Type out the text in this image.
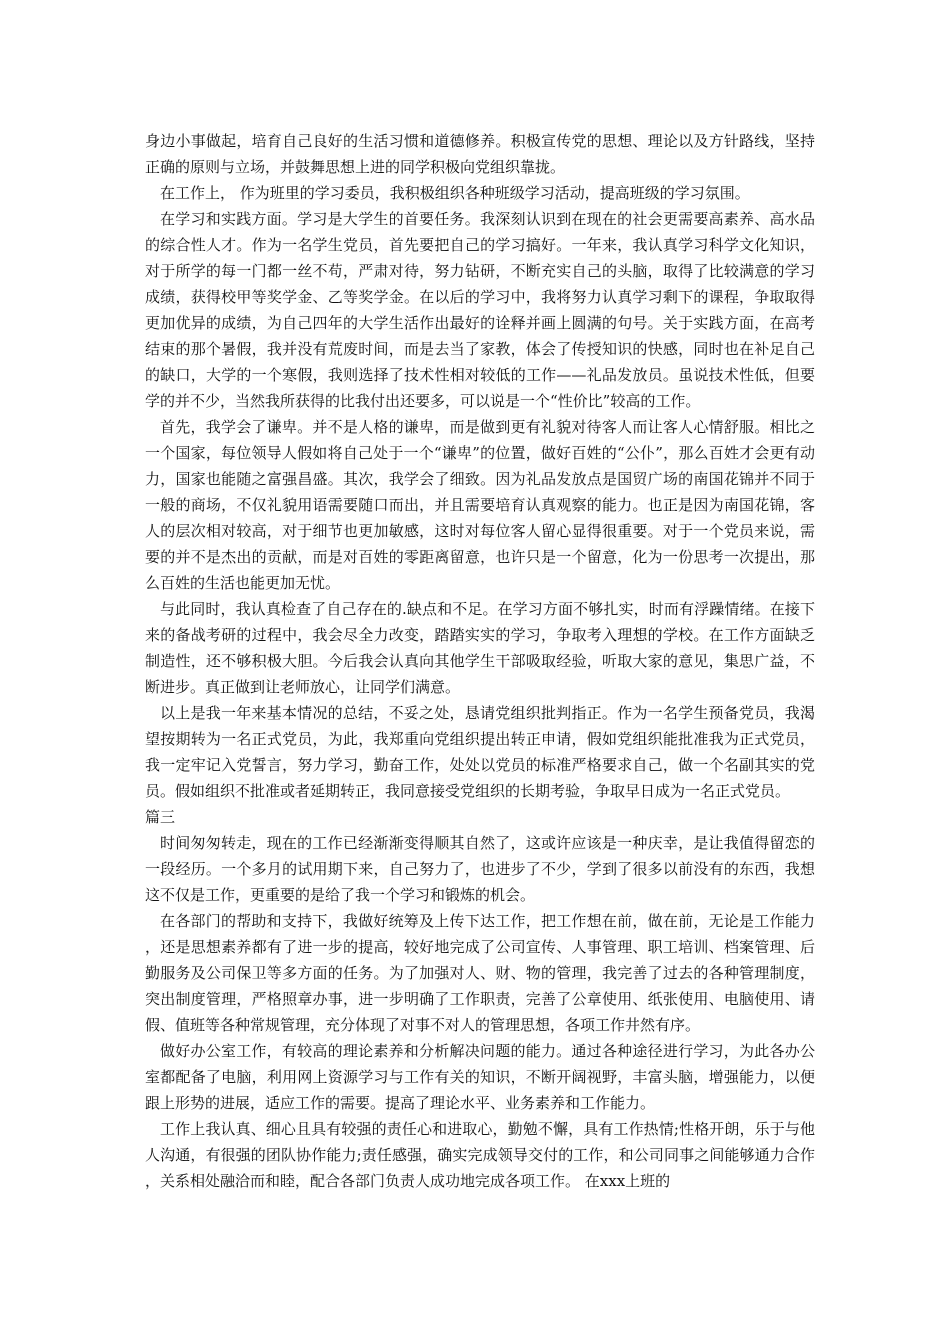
身边小事做起，培育自己良好的生活习惯和道德修养。积极宣传党的思想、理论以及方针路线，坚持正确的原则与立场，并鼓舞思想上进的同学积极向党组织靠拢。

在工作上， 作为班里的学习委员，我积极组织各种班级学习活动，提高班级的学习氛围。

在学习和实践方面。学习是大学生的首要任务。我深刻认识到在现在的社会更需要高素养、高水品的综合性人才。作为一名学生党员，首先要把自己的学习搞好。一年来，我认真学习科学文化知识，对于所学的每一门都一丝不苟，严肃对待，努力钻研，不断充实自己的头脑，取得了比较满意的学习成绩，获得校甲等奖学金、乙等奖学金。在以后的学习中，我将努力认真学习剩下的课程，争取取得更加优异的成绩，为自己四年的大学生活作出最好的诠释并画上圆满的句号。关于实践方面，在高考结束的那个暑假，我并没有荒废时间，而是去当了家教，体会了传授知识的快感，同时也在补足自己的缺口，大学的一个寒假，我则选择了技术性相对较低的工作——礼品发放员。虽说技术性低，但要学的并不少，当然我所获得的比我付出还要多，可以说是一个“性价比”较高的工作。

首先，我学会了谦卑。并不是人格的谦卑，而是做到更有礼貌对待客人而让客人心情舒服。相比之一个国家，每位领导人假如将自己处于一个“谦卑”的位置，做好百姓的“公仆”，那么百姓才会更有动力，国家也能随之富强昌盛。其次，我学会了细致。因为礼品发放点是国贸广场的南国花锦并不同于一般的商场，不仅礼貌用语需要随口而出，并且需要培育认真观察的能力。也正是因为南国花锦，客人的层次相对较高，对于细节也更加敏感，这时对每位客人留心显得很重要。对于一个党员来说，需要的并不是杰出的贡献，而是对百姓的零距离留意，也许只是一个留意，化为一份思考一次提出，那么百姓的生活也能更加无忧。

与此同时，我认真检查了自己存在的.缺点和不足。在学习方面不够扎实，时而有浮躁情绪。在接下来的备战考研的过程中，我会尽全力改变，踏踏实实的学习，争取考入理想的学校。在工作方面缺乏制造性，还不够积极大胆。今后我会认真向其他学生干部吸取经验，听取大家的意见，集思广益，不断进步。真正做到让老师放心，让同学们满意。

以上是我一年来基本情况的总结，不妥之处，恳请党组织批判指正。作为一名学生预备党员，我渴望按期转为一名正式党员，为此，我郑重向党组织提出转正申请，假如党组织能批准我为正式党员，我一定牢记入党誓言，努力学习，勤奋工作，处处以党员的标准严格要求自己，做一个名副其实的党员。假如组织不批准或者延期转正，我同意接受党组织的长期考验，争取早日成为一名正式党员。

篇三

时间匆匆转走，现在的工作已经渐渐变得顺其自然了，这或许应该是一种庆幸，是让我值得留恋的一段经历。一个多月的试用期下来，自己努力了，也进步了不少，学到了很多以前没有的东西，我想这不仅是工作，更重要的是给了我一个学习和锻炼的机会。

在各部门的帮助和支持下，我做好统筹及上传下达工作，把工作想在前，做在前，无论是工作能力，还是思想素养都有了进一步的提高，较好地完成了公司宣传、人事管理、职工培训、档案管理、后勤服务及公司保卫等多方面的任务。为了加强对人、财、物的管理，我完善了过去的各种管理制度，突出制度管理，严格照章办事，进一步明确了工作职责，完善了公章使用、纸张使用、电脑使用、请假、值班等各种常规管理，充分体现了对事不对人的管理思想，各项工作井然有序。

做好办公室工作，有较高的理论素养和分析解决问题的能力。通过各种途径进行学习，为此各办公室都配备了电脑，利用网上资源学习与工作有关的知识，不断开阔视野，丰富头脑，增强能力，以便跟上形势的进展，适应工作的需要。提高了理论水平、业务素养和工作能力。

工作上我认真、细心且具有较强的责任心和进取心，勤勉不懈，具有工作热情;性格开朗，乐于与他人沟通，有很强的团队协作能力;责任感强，确实完成领导交付的工作，和公司同事之间能够通力合作，关系相处融洽而和睦，配合各部门负责人成功地完成各项工作。 在xxx上班的
